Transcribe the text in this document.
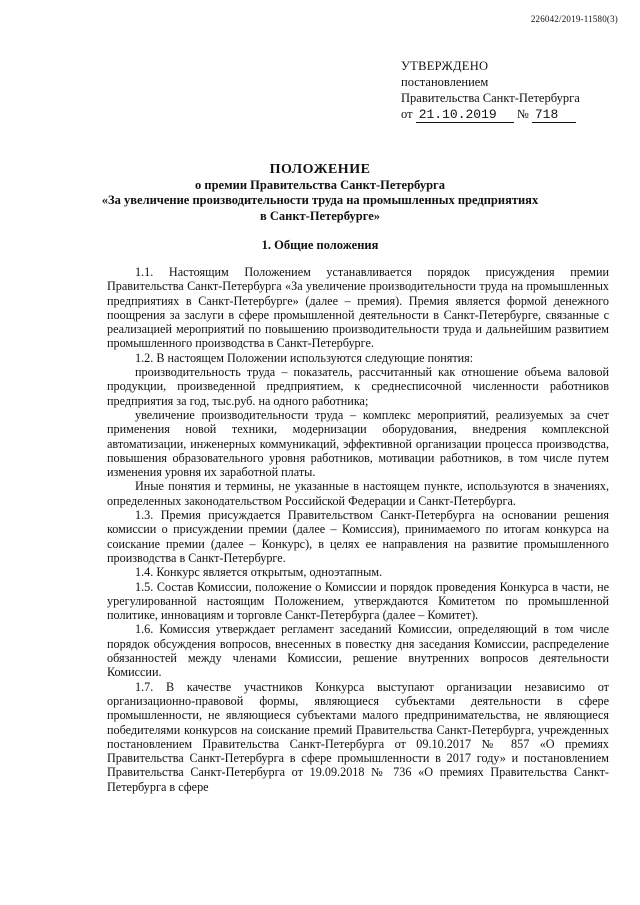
226042/2019-11580(3)
УТВЕРЖДЕНО
постановлением
Правительства Санкт-Петербурга
от 21.10.2019 № 718
ПОЛОЖЕНИЕ
о премии Правительства Санкт-Петербурга
«За увеличение производительности труда на промышленных предприятиях
в Санкт-Петербурге»
1. Общие положения

1.1. Настоящим Положением устанавливается порядок присуждения премии Правительства Санкт-Петербурга «За увеличение производительности труда на промышленных предприятиях в Санкт-Петербурге» (далее – премия). Премия является формой денежного поощрения за заслуги в сфере промышленной деятельности в Санкт-Петербурге, связанные с реализацией мероприятий по повышению производительности труда и дальнейшим развитием промышленного производства в Санкт-Петербурге.

1.2. В настоящем Положении используются следующие понятия:

производительность труда – показатель, рассчитанный как отношение объема валовой продукции, произведенной предприятием, к среднесписочной численности работников предприятия за год, тыс.руб. на одного работника;

увеличение производительности труда – комплекс мероприятий, реализуемых за счет применения новой техники, модернизации оборудования, внедрения комплексной автоматизации, инженерных коммуникаций, эффективной организации процесса производства, повышения образовательного уровня работников, мотивации работников, в том числе путем изменения уровня их заработной платы.

Иные понятия и термины, не указанные в настоящем пункте, используются в значениях, определенных законодательством Российской Федерации и Санкт-Петербурга.

1.3. Премия присуждается Правительством Санкт-Петербурга на основании решения комиссии о присуждении премии (далее – Комиссия), принимаемого по итогам конкурса на соискание премии (далее – Конкурс), в целях ее направления на развитие промышленного производства в Санкт-Петербурге.

1.4. Конкурс является открытым, одноэтапным.

1.5. Состав Комиссии, положение о Комиссии и порядок проведения Конкурса в части, не урегулированной настоящим Положением, утверждаются Комитетом по промышленной политике, инновациям и торговле Санкт-Петербурга (далее – Комитет).

1.6. Комиссия утверждает регламент заседаний Комиссии, определяющий в том числе порядок обсуждения вопросов, внесенных в повестку дня заседания Комиссии, распределение обязанностей между членами Комиссии, решение внутренних вопросов деятельности Комиссии.

1.7. В качестве участников Конкурса выступают организации независимо от организационно-правовой формы, являющиеся субъектами деятельности в сфере промышленности, не являющиеся субъектами малого предпринимательства, не являющиеся победителями конкурсов на соискание премий Правительства Санкт-Петербурга, учрежденных постановлением Правительства Санкт-Петербурга от 09.10.2017 № 857 «О премиях Правительства Санкт-Петербурга в сфере промышленности в 2017 году» и постановлением Правительства Санкт-Петербурга от 19.09.2018 № 736 «О премиях Правительства Санкт-Петербурга в сфере
